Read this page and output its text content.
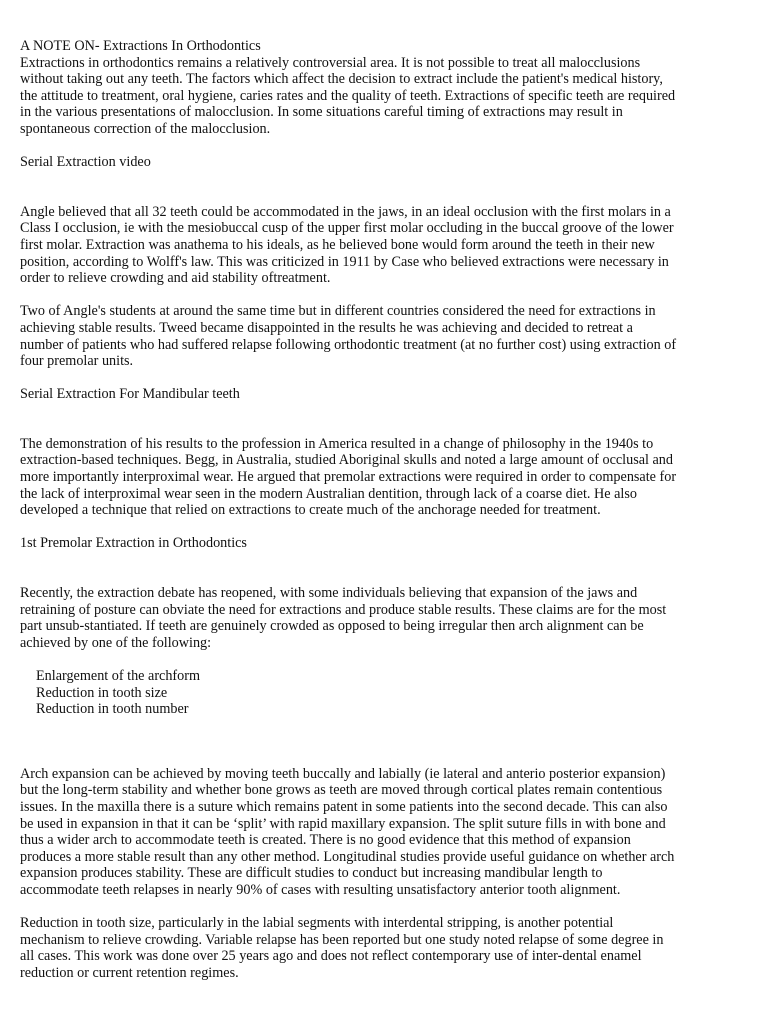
A NOTE ON- Extractions In Orthodontics

Extractions in orthodontics remains a relatively controversial area. It is not possible to treat all malocclusions
without taking out any teeth. The factors which affect the decision to extract include the patient's medical history,
the attitude to treatment, oral hygiene, caries rates and the quality of teeth. Extractions of specific teeth are required
in the various presentations of malocclusion. In some situations careful timing of extractions may result in
spontaneous correction of the malocclusion.

Serial Extraction video

Angle believed that all 32 teeth could be accommodated in the jaws, in an ideal occlusion with the first molars in a
Class I occlusion, ie with the mesiobuccal cusp of the upper first molar occluding in the buccal groove of the lower
first molar. Extraction was anathema to his ideals, as he believed bone would form around the teeth in their new
position, according to Wolff's law. This was criticized in 1911 by Case who believed extractions were necessary in
order to relieve crowding and aid stability oftreatment.

Two of Angle's students at around the same time but in different countries considered the need for extractions in
achieving stable results. Tweed became disappointed in the results he was achieving and decided to retreat a
number of patients who had suffered relapse following orthodontic treatment (at no further cost) using extraction of
four premolar units.

Serial Extraction For Mandibular teeth

The demonstration of his results to the profession in America resulted in a change of philosophy in the 1940s to
extraction-based techniques. Begg, in Australia, studied Aboriginal skulls and noted a large amount of occlusal and
more importantly interproximal wear. He argued that premolar extractions were required in order to compensate for
the lack of interproximal wear seen in the modern Australian dentition, through lack of a coarse diet. He also
developed a technique that relied on extractions to create much of the anchorage needed for treatment.

1st Premolar Extraction in Orthodontics

Recently, the extraction debate has reopened, with some individuals believing that expansion of the jaws and
retraining of posture can obviate the need for extractions and produce stable results. These claims are for the most
part unsub-stantiated. If teeth are genuinely crowded as opposed to being irregular then arch alignment can be
achieved by one of the following:

Enlargement of the archform
Reduction in tooth size
Reduction in tooth number

Arch expansion can be achieved by moving teeth buccally and labially (ie lateral and anterio posterior expansion)
but the long-term stability and whether bone grows as teeth are moved through cortical plates remain contentious
issues. In the maxilla there is a suture which remains patent in some patients into the second decade. This can also
be used in expansion in that it can be ‘split’ with rapid maxillary expansion. The split suture fills in with bone and
thus a wider arch to accommodate teeth is created. There is no good evidence that this method of expansion
produces a more stable result than any other method. Longitudinal studies provide useful guidance on whether arch
expansion produces stability. These are difficult studies to conduct but increasing mandibular length to
accommodate teeth relapses in nearly 90% of cases with resulting unsatisfactory anterior tooth alignment.

Reduction in tooth size, particularly in the labial segments with interdental stripping, is another potential
mechanism to relieve crowding. Variable relapse has been reported but one study noted relapse of some degree in
all cases. This work was done over 25 years ago and does not reflect contemporary use of inter-dental enamel
reduction or current retention regimes.
